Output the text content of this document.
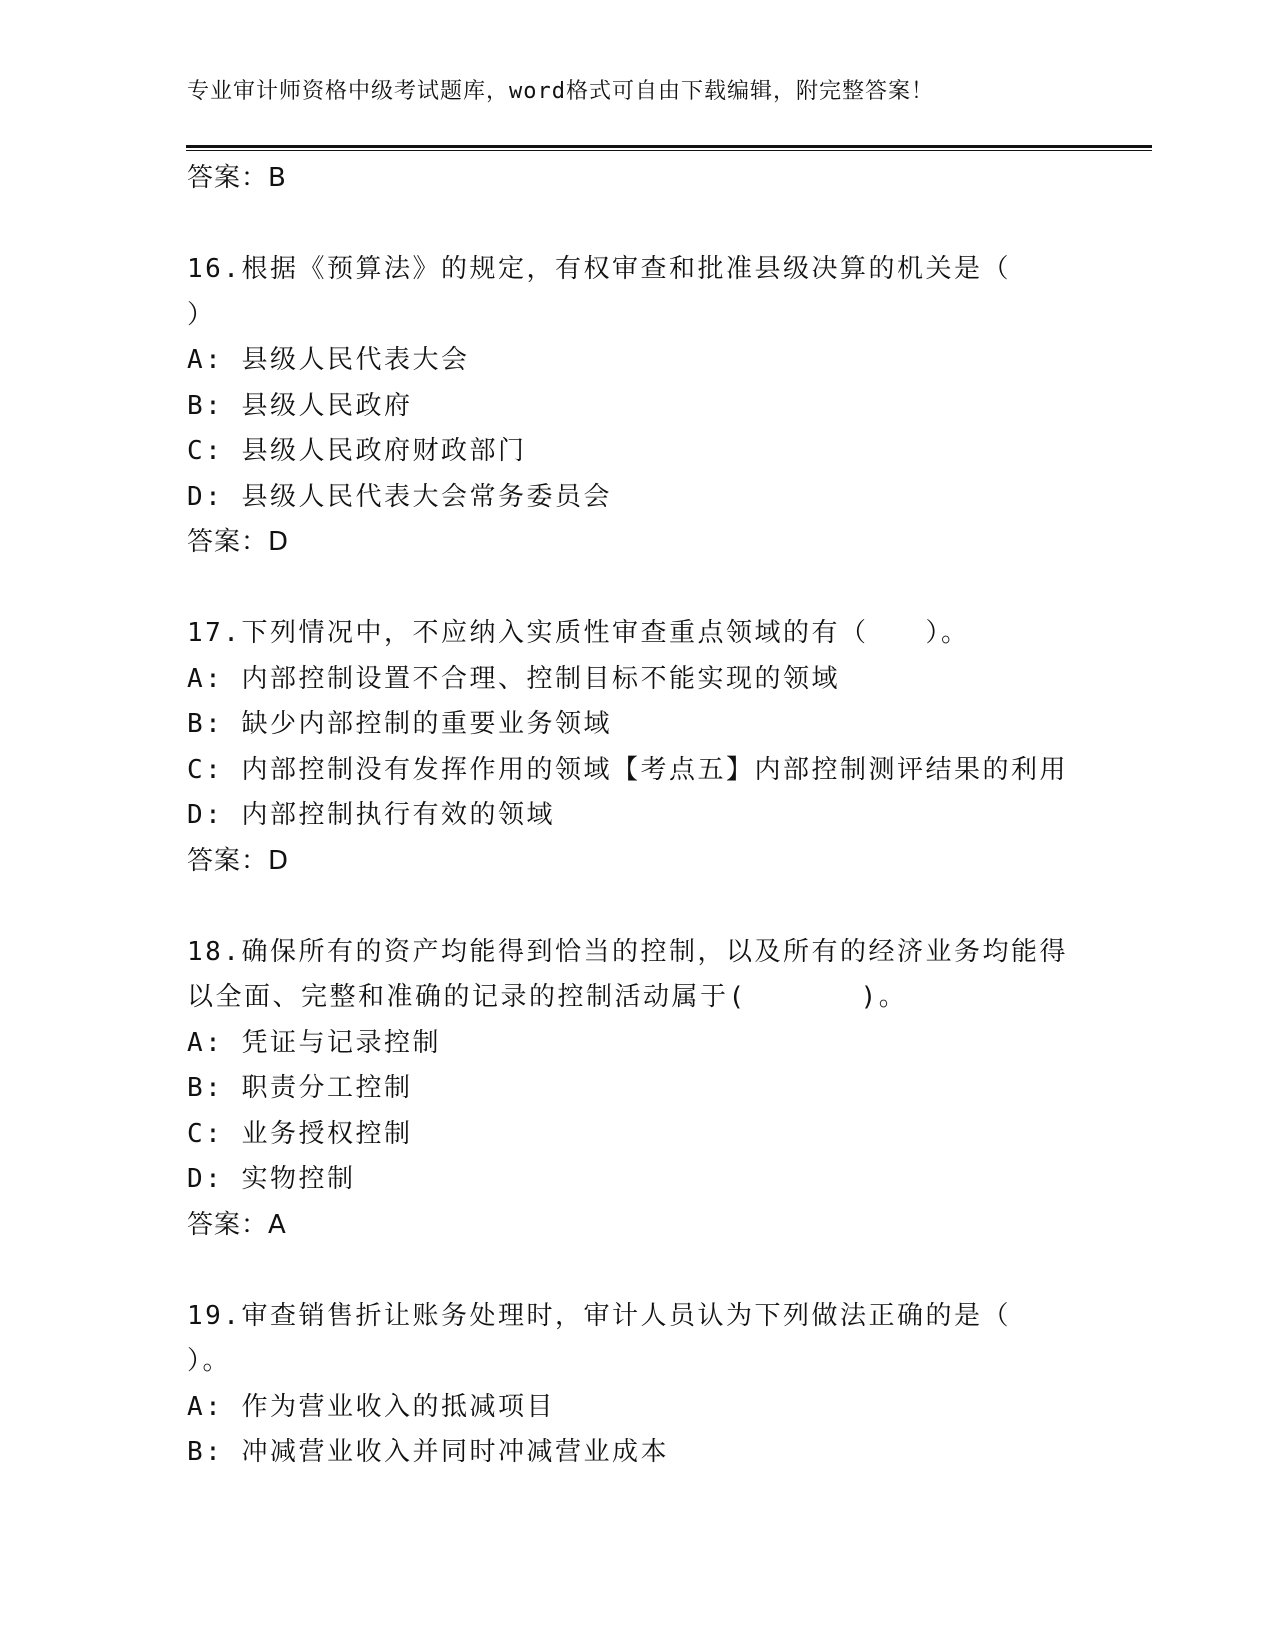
专业审计师资格中级考试题库，word格式可自由下载编辑，附完整答案！
答案：B
16.根据《预算法》的规定，有权审查和批准县级决算的机关是（
）
A: 县级人民代表大会
B: 县级人民政府
C: 县级人民政府财政部门
D: 县级人民代表大会常务委员会
答案：D
17.下列情况中，不应纳入实质性审查重点领域的有（　　）。
A: 内部控制设置不合理、控制目标不能实现的领域
B: 缺少内部控制的重要业务领域
C: 内部控制没有发挥作用的领域【考点五】内部控制测评结果的利用
D: 内部控制执行有效的领域
答案：D
18.确保所有的资产均能得到恰当的控制，以及所有的经济业务均能得
以全面、完整和准确的记录的控制活动属于(　　　　)。
A: 凭证与记录控制
B: 职责分工控制
C: 业务授权控制
D: 实物控制
答案：A
19.审查销售折让账务处理时，审计人员认为下列做法正确的是（
）。
A: 作为营业收入的抵减项目
B: 冲减营业收入并同时冲减营业成本
